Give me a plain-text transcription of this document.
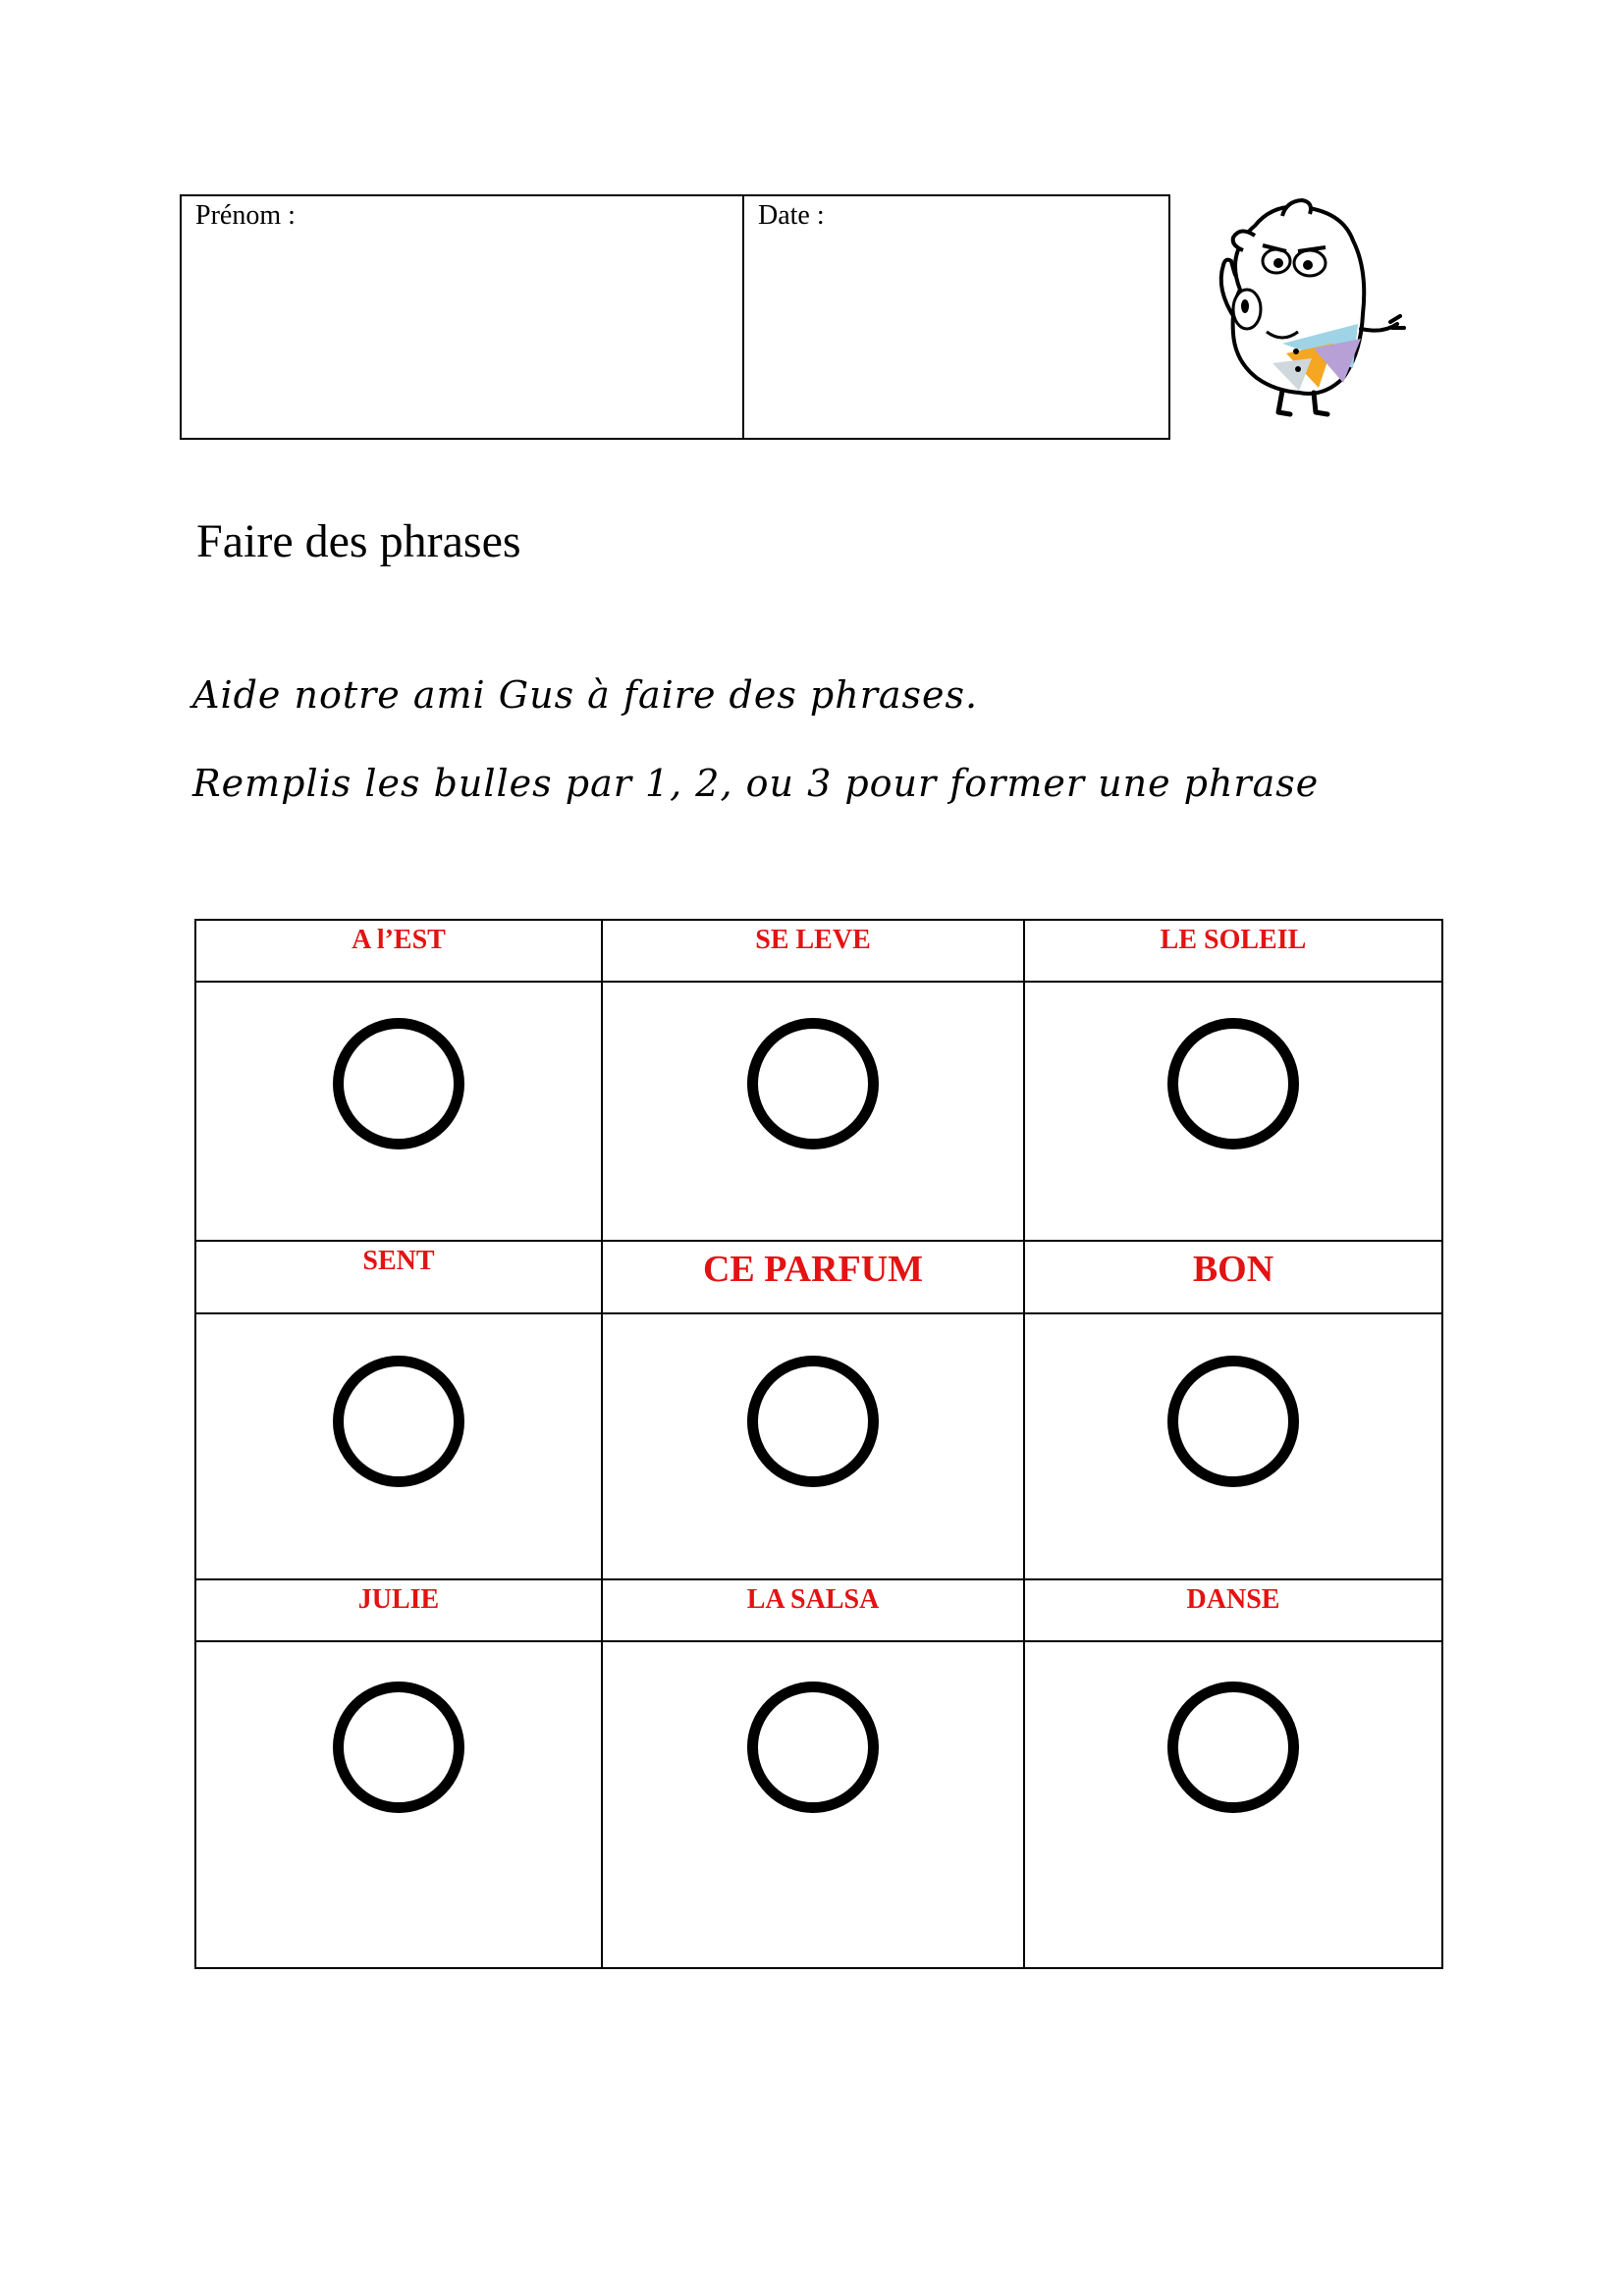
Prénom :	Date :
Faire des phrases

Aide notre ami Gus à faire des phrases.

Remplis les bulles par 1, 2, ou 3 pour former une phrase

A l’EST	SE LEVE	LE SOLEIL
SENT	CE PARFUM	BON
JULIE	LA SALSA	DANSE
